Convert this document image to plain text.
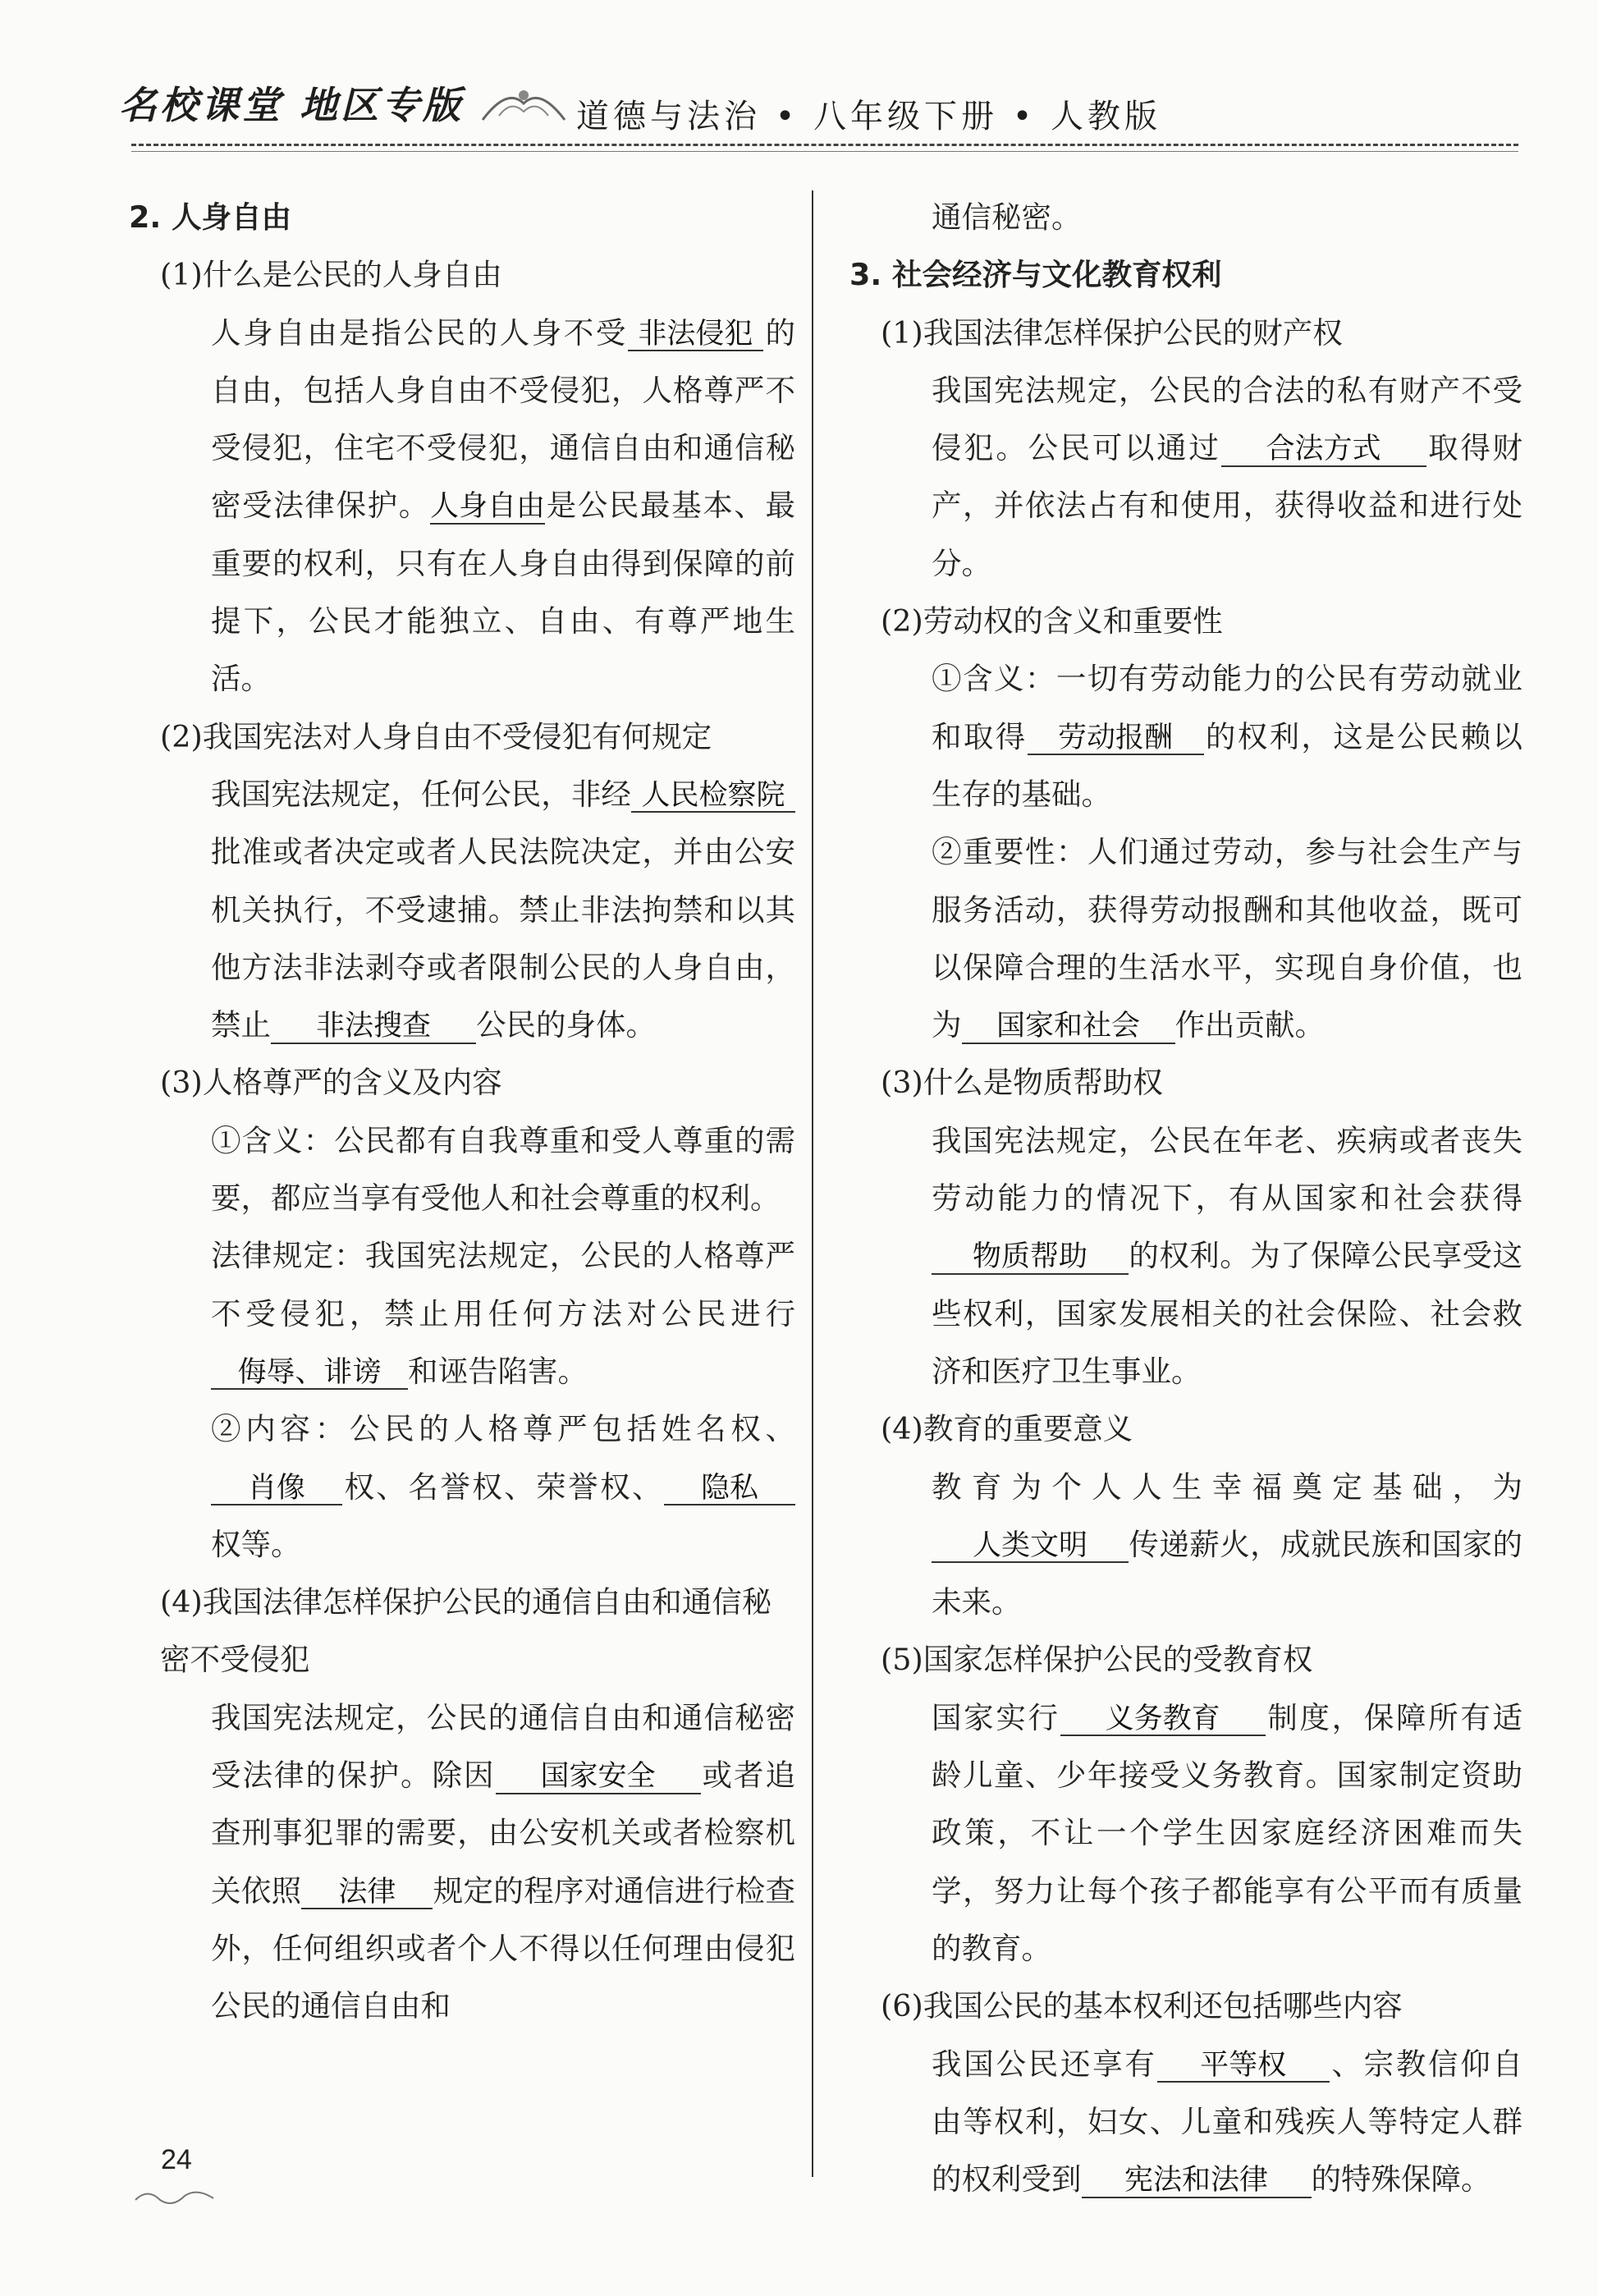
名校课堂 地区专版	道德与法治 • 八年级下册 • 人教版

2. 人身自由

(1)什么是公民的人身自由

人身自由是指公民的人身不受 非法侵犯 的自由，包括人身自由不受侵犯，人格尊严不受侵犯，住宅不受侵犯，通信自由和通信秘密受法律保护。人身自由是公民最基本、最重要的权利，只有在人身自由得到保障的前提下，公民才能独立、自由、有尊严地生活。

(2)我国宪法对人身自由不受侵犯有何规定

我国宪法规定，任何公民，非经 人民检察院批准或者决定或者人民法院决定，并由公安机关执行，不受逮捕。禁止非法拘禁和以其他方法非法剥夺或者限制公民的人身自由，禁止 非法搜查 公民的身体。

(3)人格尊严的含义及内容

①含义：公民都有自我尊重和受人尊重的需要，都应当享有受他人和社会尊重的权利。

法律规定：我国宪法规定，公民的人格尊严不受侵犯，禁止用任何方法对公民进行侮辱、诽谤 和诬告陷害。

②内容：公民的人格尊严包括姓名权、肖像 权、名誉权、荣誉权、 隐私权等。

(4)我国法律怎样保护公民的通信自由和通信秘密不受侵犯

我国宪法规定，公民的通信自由和通信秘密受法律的保护。除因 国家安全 或者追查刑事犯罪的需要，由公安机关或者检察机关依照 法律 规定的程序对通信进行检查外，任何组织或者个人不得以任何理由侵犯公民的通信自由和

通信秘密。

3. 社会经济与文化教育权利

(1)我国法律怎样保护公民的财产权

我国宪法规定，公民的合法的私有财产不受侵犯。公民可以通过 合法方式 取得财产，并依法占有和使用，获得收益和进行处分。

(2)劳动权的含义和重要性

①含义：一切有劳动能力的公民有劳动就业和取得 劳动报酬 的权利，这是公民赖以生存的基础。

②重要性：人们通过劳动，参与社会生产与服务活动，获得劳动报酬和其他收益，既可以保障合理的生活水平，实现自身价值，也为 国家和社会 作出贡献。

(3)什么是物质帮助权

我国宪法规定，公民在年老、疾病或者丧失劳动能力的情况下，有从国家和社会获得物质帮助 的权利。为了保障公民享受这些权利，国家发展相关的社会保险、社会救济和医疗卫生事业。

(4)教育的重要意义

教育为个人人生幸福奠定基础，为人类文明 传递薪火，成就民族和国家的未来。

(5)国家怎样保护公民的受教育权

国家实行 义务教育 制度，保障所有适龄儿童、少年接受义务教育。国家制定资助政策，不让一个学生因家庭经济困难而失学，努力让每个孩子都能享有公平而有质量的教育。

(6)我国公民的基本权利还包括哪些内容

我国公民还享有 平等权 、宗教信仰自由等权利，妇女、儿童和残疾人等特定人群的权利受到 宪法和法律 的特殊保障。

24
